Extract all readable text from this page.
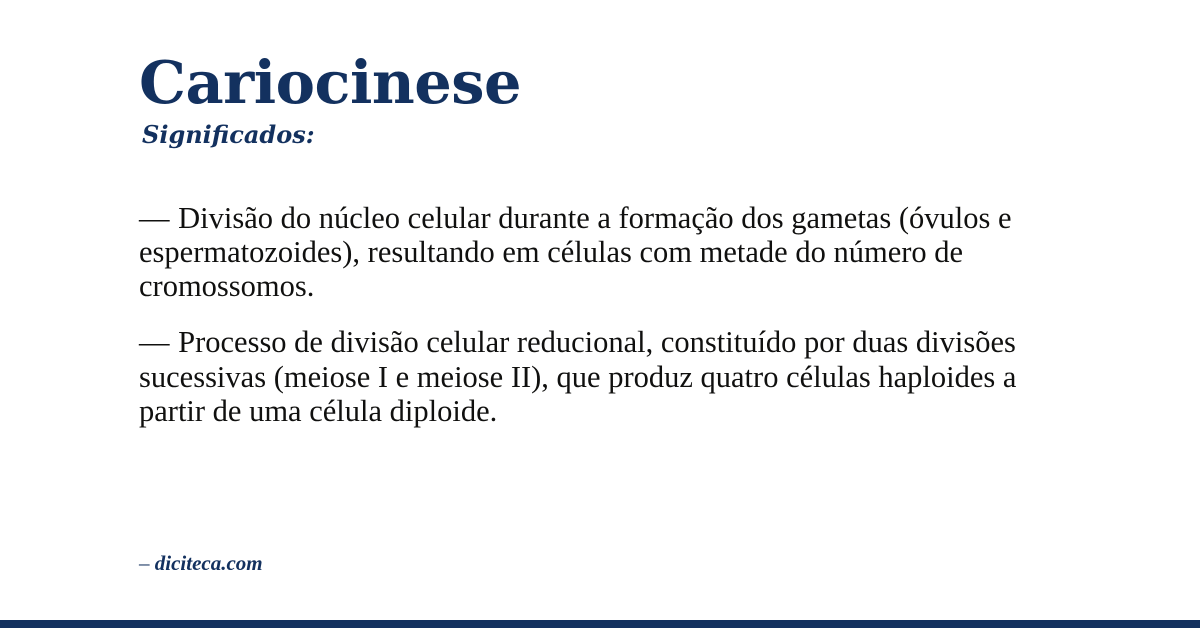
Cariocinese
Significados:

— Divisão do núcleo celular durante a formação dos gametas (óvulos e espermatozoides), resultando em células com metade do número de cromossomos.

— Processo de divisão celular reducional, constituído por duas divisões sucessivas (meiose I e meiose II), que produz quatro células haploides a partir de uma célula diploide.

– diciteca.com
